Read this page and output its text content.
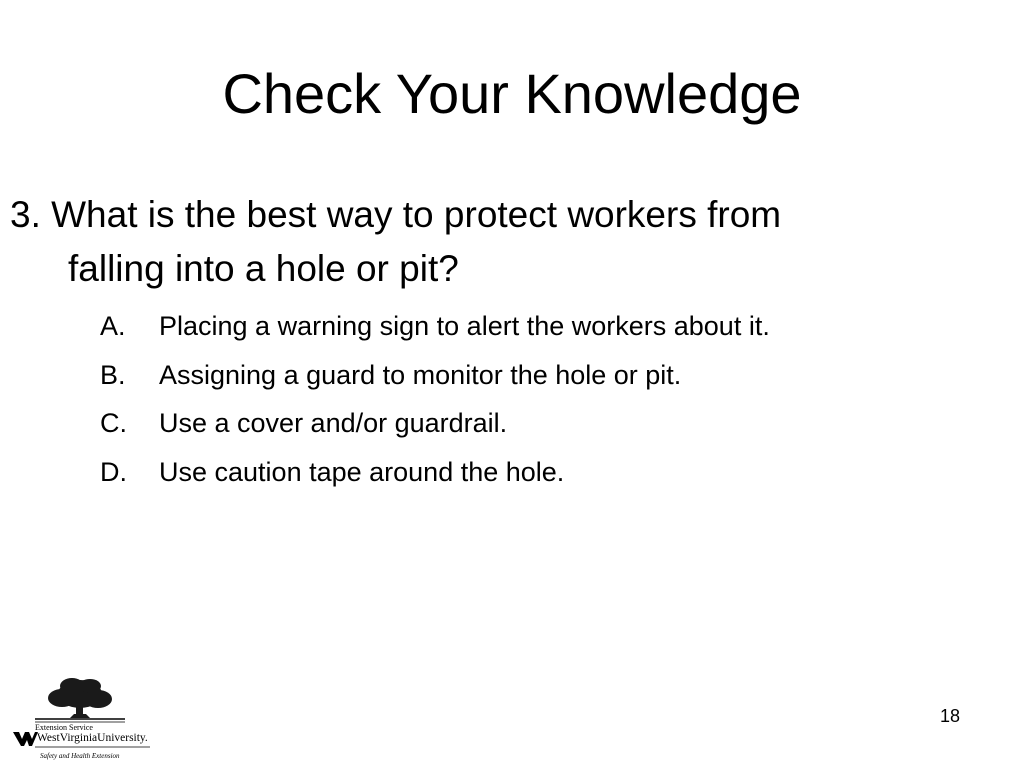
Check Your Knowledge

3. What is the best way to protect workers from
falling into a hole or pit?

A.	Placing a warning sign to alert the workers about it.
B.	Assigning a guard to monitor the hole or pit.
C.	Use a cover and/or guardrail.
D.	Use caution tape around the hole.
18
Extension Service
WestVirginiaUniversity.
Safety and Health Extension
